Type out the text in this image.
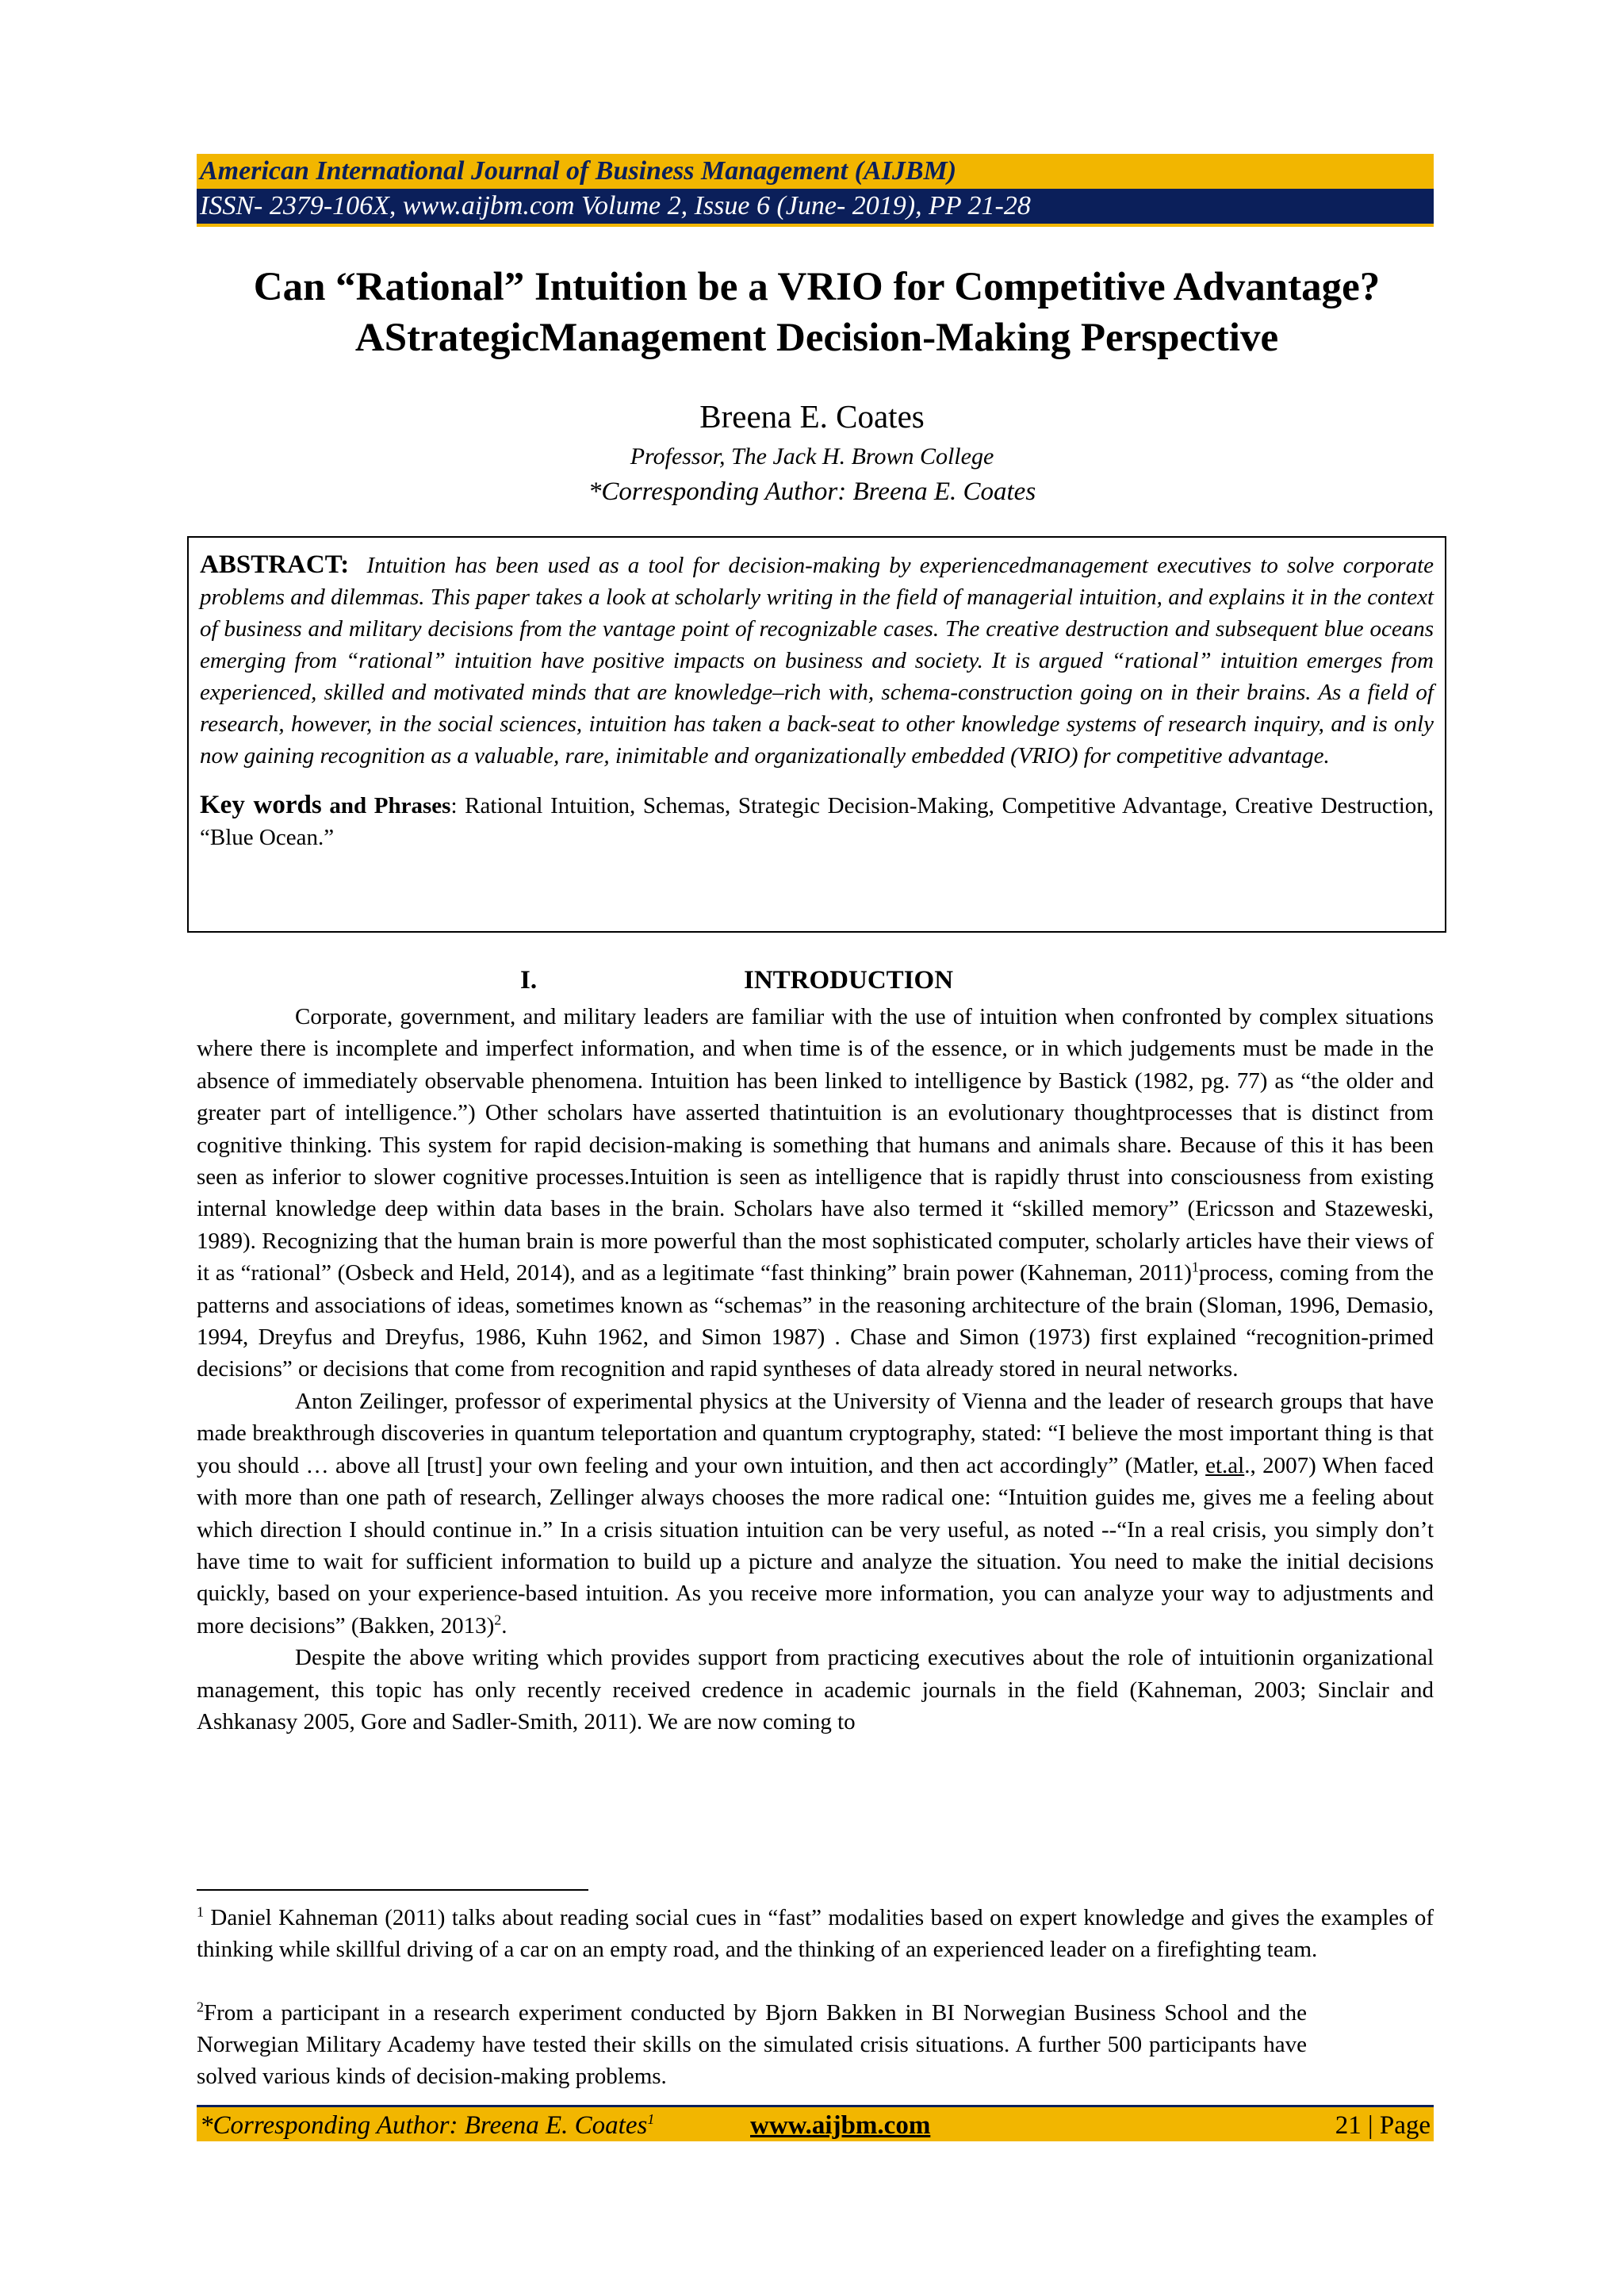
American International Journal of Business Management (AIJBM)
ISSN- 2379-106X, www.aijbm.com Volume 2, Issue 6 (June- 2019), PP 21-28
Can “Rational” Intuition be a VRIO for Competitive Advantage?
AStrategicManagement Decision-Making Perspective
Breena E. Coates
Professor, The Jack H. Brown College
*Corresponding Author: Breena E. Coates
ABSTRACT: Intuition has been used as a tool for decision-making by experiencedmanagement executives to solve corporate problems and dilemmas. This paper takes a look at scholarly writing in the field of managerial intuition, and explains it in the context of business and military decisions from the vantage point of recognizable cases. The creative destruction and subsequent blue oceans emerging from “rational” intuition have positive impacts on business and society. It is argued “rational” intuition emerges from experienced, skilled and motivated minds that are knowledge–rich with, schema-construction going on in their brains. As a field of research, however, in the social sciences, intuition has taken a back-seat to other knowledge systems of research inquiry, and is only now gaining recognition as a valuable, rare, inimitable and organizationally embedded (VRIO) for competitive advantage.
Key words and Phrases: Rational Intuition, Schemas, Strategic Decision-Making, Competitive Advantage, Creative Destruction, “Blue Ocean.”
I.	INTRODUCTION

Corporate, government, and military leaders are familiar with the use of intuition when confronted by complex situations where there is incomplete and imperfect information, and when time is of the essence, or in which judgements must be made in the absence of immediately observable phenomena. Intuition has been linked to intelligence by Bastick (1982, pg. 77) as “the older and greater part of intelligence.”) Other scholars have asserted thatintuition is an evolutionary thoughtprocesses that is distinct from cognitive thinking. This system for rapid decision-making is something that humans and animals share. Because of this it has been seen as inferior to slower cognitive processes.Intuition is seen as intelligence that is rapidly thrust into consciousness from existing internal knowledge deep within data bases in the brain. Scholars have also termed it “skilled memory” (Ericsson and Stazeweski, 1989). Recognizing that the human brain is more powerful than the most sophisticated computer, scholarly articles have their views of it as “rational” (Osbeck and Held, 2014), and as a legitimate “fast thinking” brain power (Kahneman, 2011)$^1$process, coming from the patterns and associations of ideas, sometimes known as “schemas” in the reasoning architecture of the brain (Sloman, 1996, Demasio, 1994, Dreyfus and Dreyfus, 1986, Kuhn 1962, and Simon 1987) . Chase and Simon (1973) first explained “recognition-primed decisions” or decisions that come from recognition and rapid syntheses of data already stored in neural networks.

Anton Zeilinger, professor of experimental physics at the University of Vienna and the leader of research groups that have made breakthrough discoveries in quantum teleportation and quantum cryptography, stated: “I believe the most important thing is that you should … above all [trust] your own feeling and your own intuition, and then act accordingly” (Matler, et.al., 2007) When faced with more than one path of research, Zellinger always chooses the more radical one: “Intuition guides me, gives me a feeling about which direction I should continue in.” In a crisis situation intuition can be very useful, as noted --“In a real crisis, you simply don’t have time to wait for sufficient information to build up a picture and analyze the situation. You need to make the initial decisions quickly, based on your experience-based intuition. As you receive more information, you can analyze your way to adjustments and more decisions” (Bakken, 2013)$^2$.

Despite the above writing which provides support from practicing executives about the role of intuitionin organizational management, this topic has only recently received credence in academic journals in the field (Kahneman, 2003; Sinclair and Ashkanasy 2005, Gore and Sadler-Smith, 2011). We are now coming to

$^1$ Daniel Kahneman (2011) talks about reading social cues in “fast” modalities based on expert knowledge and gives the examples of thinking while skillful driving of a car on an empty road, and the thinking of an experienced leader on a firefighting team.
$^2$From a participant in a research experiment conducted by Bjorn Bakken in BI Norwegian Business School and the Norwegian Military Academy have tested their skills on the simulated crisis situations. A further 500 participants have solved various kinds of decision-making problems.
*Corresponding Author: Breena E. Coates$^1$	www.aijbm.com	21 | Page
